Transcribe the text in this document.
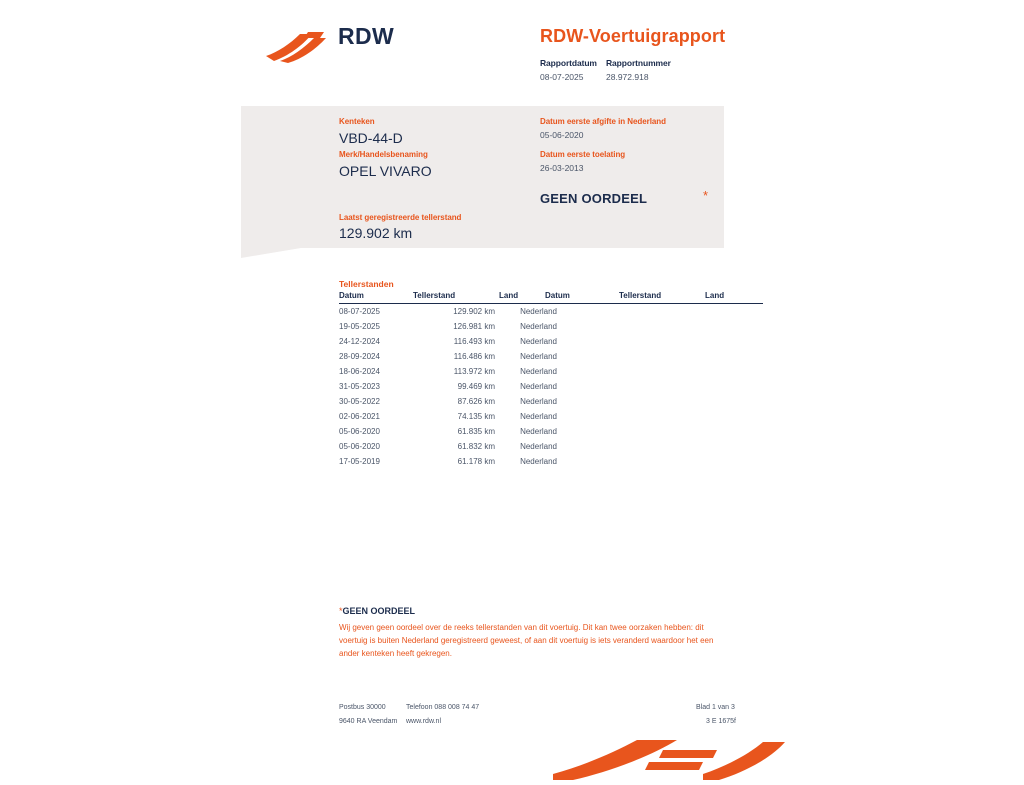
RDW	RDW-Voertuigrapport
Rapportdatum
08-07-2025
Rapportnummer
28.972.918
Kenteken
VBD-44-D
Merk/Handelsbenaming
OPEL VIVARO
Laatst geregistreerde tellerstand
129.902 km
Datum eerste afgifte in Nederland
05-06-2020
Datum eerste toelating
26-03-2013
GEEN OORDEEL	*
Tellerstanden
Datum	Tellerstand	Land
08-07-2025	129.902 km	Nederland
19-05-2025	126.981 km	Nederland
24-12-2024	116.493 km	Nederland
28-09-2024	116.486 km	Nederland
18-06-2024	113.972 km	Nederland
31-05-2023	99.469 km	Nederland
30-05-2022	87.626 km	Nederland
02-06-2021	74.135 km	Nederland
05-06-2020	61.835 km	Nederland
05-06-2020	61.832 km	Nederland
17-05-2019	61.178 km	Nederland
Datum	Tellerstand	Land
*GEEN OORDEEL
Wij geven geen oordeel over de reeks tellerstanden van dit voertuig. Dit kan twee oorzaken hebben: dit voertuig is buiten Nederland geregistreerd geweest, of aan dit voertuig is iets veranderd waardoor het een ander kenteken heeft gekregen.
Postbus 30000
9640 RA Veendam
Telefoon 088 008 74 47
www.rdw.nl
Blad 1 van 3
3 E 1675f
